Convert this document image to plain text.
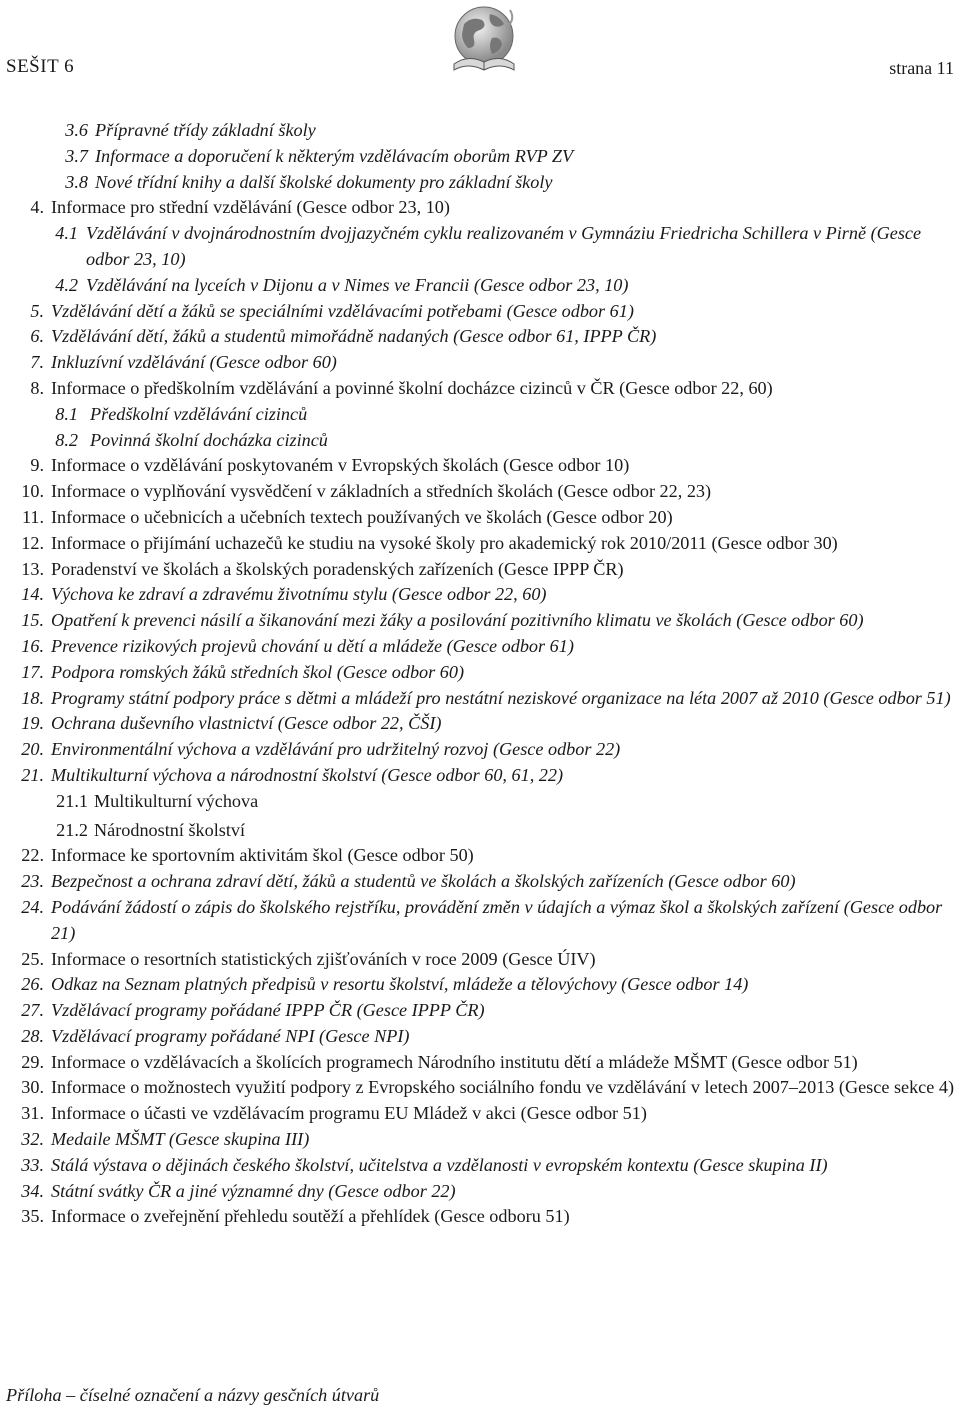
SEŠIT 6	strana 11
3.6 Přípravné třídy základní školy
3.7 Informace a doporučení k některým vzdělávacím oborům RVP ZV
3.8 Nové třídní knihy a další školské dokumenty pro základní školy
4. Informace pro střední vzdělávání (Gesce odbor 23, 10)
4.1 Vzdělávání v dvojnárodnostním dvojjazyčném cyklu realizovaném v Gymnáziu Friedricha Schillera v Pirně (Gesce odbor 23, 10)
4.2 Vzdělávání na lyceích v Dijonu a v Nimes ve Francii (Gesce odbor 23, 10)
5. Vzdělávání dětí a žáků se speciálními vzdělávacími potřebami (Gesce odbor 61)
6. Vzdělávání dětí, žáků a studentů mimořádně nadaných (Gesce odbor 61, IPPP ČR)
7. Inkluzívní vzdělávání (Gesce odbor 60)
8. Informace o předškolním vzdělávání a povinné školní docházce cizinců v ČR (Gesce odbor 22, 60)
8.1 Předškolní vzdělávání cizinců
8.2 Povinná školní docházka cizinců
9. Informace o vzdělávání poskytovaném v Evropských školách (Gesce odbor 10)
10. Informace o vyplňování vysvědčení v základních a středních školách (Gesce odbor 22, 23)
11. Informace o učebnicích a učebních textech používaných ve školách (Gesce odbor 20)
12. Informace o přijímání uchazečů ke studiu na vysoké školy pro akademický rok 2010/2011 (Gesce odbor 30)
13. Poradenství ve školách a školských poradenských zařízeních (Gesce IPPP ČR)
14. Výchova ke zdraví a zdravému životnímu stylu (Gesce odbor 22, 60)
15. Opatření k prevenci násilí a šikanování mezi žáky a posilování pozitivního klimatu ve školách (Gesce odbor 60)
16. Prevence rizikových projevů chování u dětí a mládeže (Gesce odbor 61)
17. Podpora romských žáků středních škol (Gesce odbor 60)
18. Programy státní podpory práce s dětmi a mládeží pro nestátní neziskové organizace na léta 2007 až 2010 (Gesce odbor 51)
19. Ochrana duševního vlastnictví (Gesce odbor 22, ČŠI)
20. Environmentální výchova a vzdělávání pro udržitelný rozvoj (Gesce odbor 22)
21. Multikulturní výchova a národnostní školství (Gesce odbor 60, 61, 22)
21.1 Multikulturní výchova
21.2 Národnostní školství
22. Informace ke sportovním aktivitám škol (Gesce odbor 50)
23. Bezpečnost a ochrana zdraví dětí, žáků a studentů ve školách a školských zařízeních (Gesce odbor 60)
24. Podávání žádostí o zápis do školského rejstříku, provádění změn v údajích a výmaz škol a školských zařízení (Gesce odbor 21)
25. Informace o resortních statistických zjišťováních v roce 2009 (Gesce ÚIV)
26. Odkaz na Seznam platných předpisů v resortu školství, mládeže a tělovýchovy (Gesce odbor 14)
27. Vzdělávací programy pořádané IPPP ČR (Gesce IPPP ČR)
28. Vzdělávací programy pořádané NPI (Gesce NPI)
29. Informace o vzdělávacích a školících programech Národního institutu dětí a mládeže MŠMT (Gesce odbor 51)
30. Informace o možnostech využití podpory z Evropského sociálního fondu ve vzdělávání v letech 2007–2013 (Gesce sekce 4)
31. Informace o účasti ve vzdělávacím programu EU Mládež v akci (Gesce odbor 51)
32. Medaile MŠMT (Gesce skupina III)
33. Stálá výstava o dějinách českého školství, učitelstva a vzdělanosti v evropském kontextu (Gesce skupina II)
34. Státní svátky ČR a jiné významné dny (Gesce odbor 22)
35. Informace o zveřejnění přehledu soutěží a přehlídek (Gesce odboru 51)
Příloha – číselné označení a názvy gesčních útvarů
